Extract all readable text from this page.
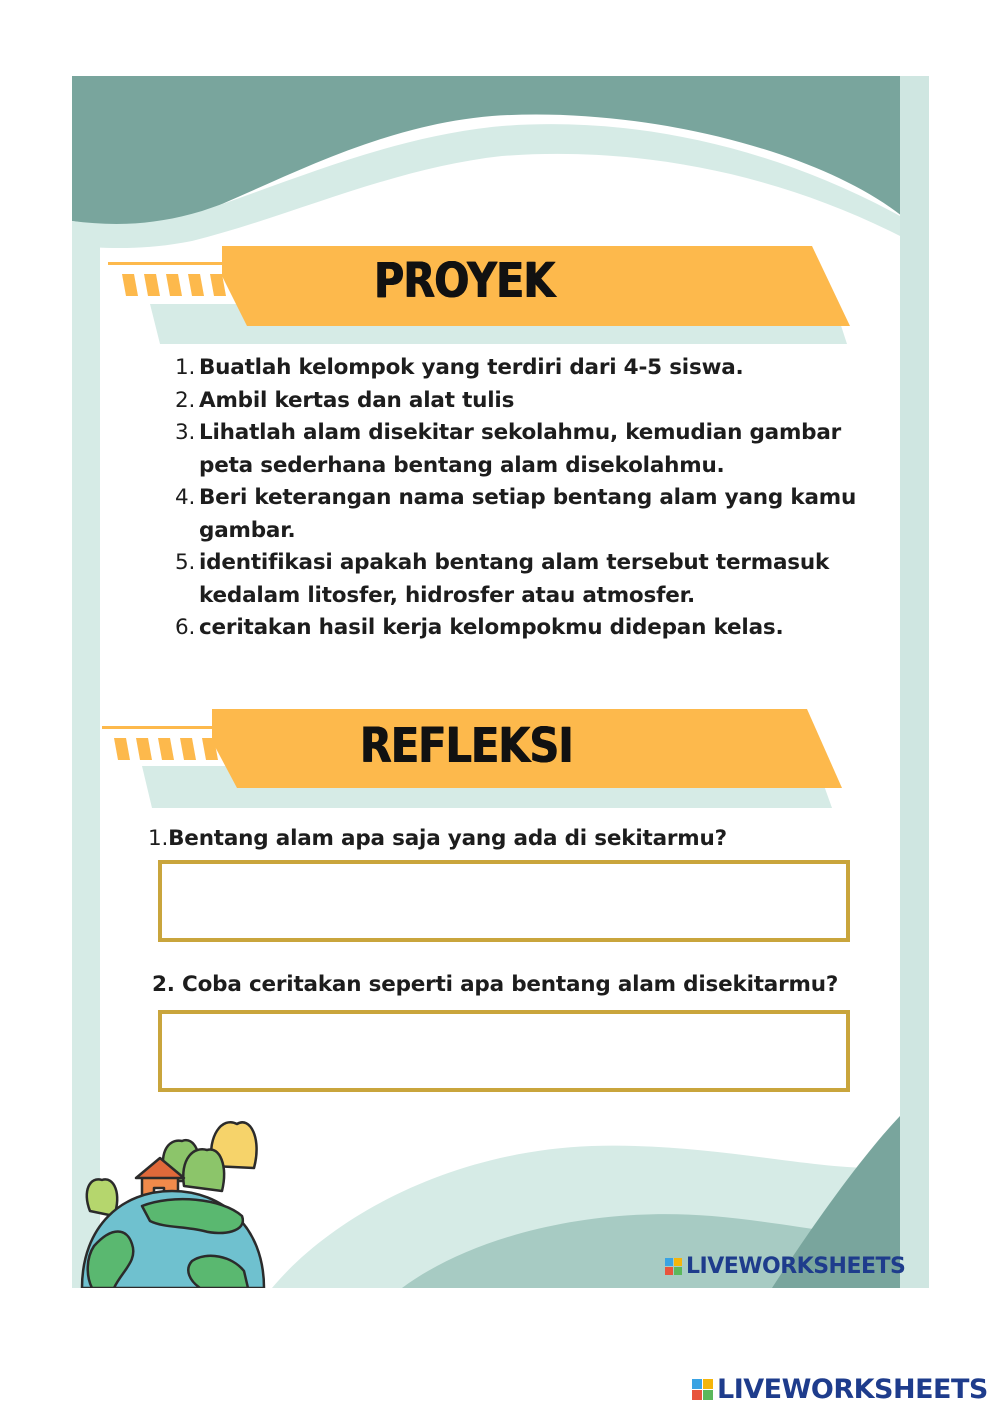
PROYEK
1. Buatlah kelompok yang terdiri dari 4-5 siswa.
2. Ambil kertas dan alat tulis
3. Lihatlah alam disekitar sekolahmu, kemudian gambar peta sederhana bentang alam disekolahmu.
4. Beri keterangan nama setiap bentang alam yang kamu gambar.
5. identifikasi apakah bentang alam tersebut termasuk kedalam litosfer, hidrosfer atau atmosfer.
6. ceritakan hasil kerja kelompokmu didepan kelas.
REFLEKSI
1.Bentang alam apa saja yang ada di sekitarmu?
2. Coba ceritakan seperti apa bentang alam disekitarmu?
LIVEWORKSHEETS
LIVEWORKSHEETS
